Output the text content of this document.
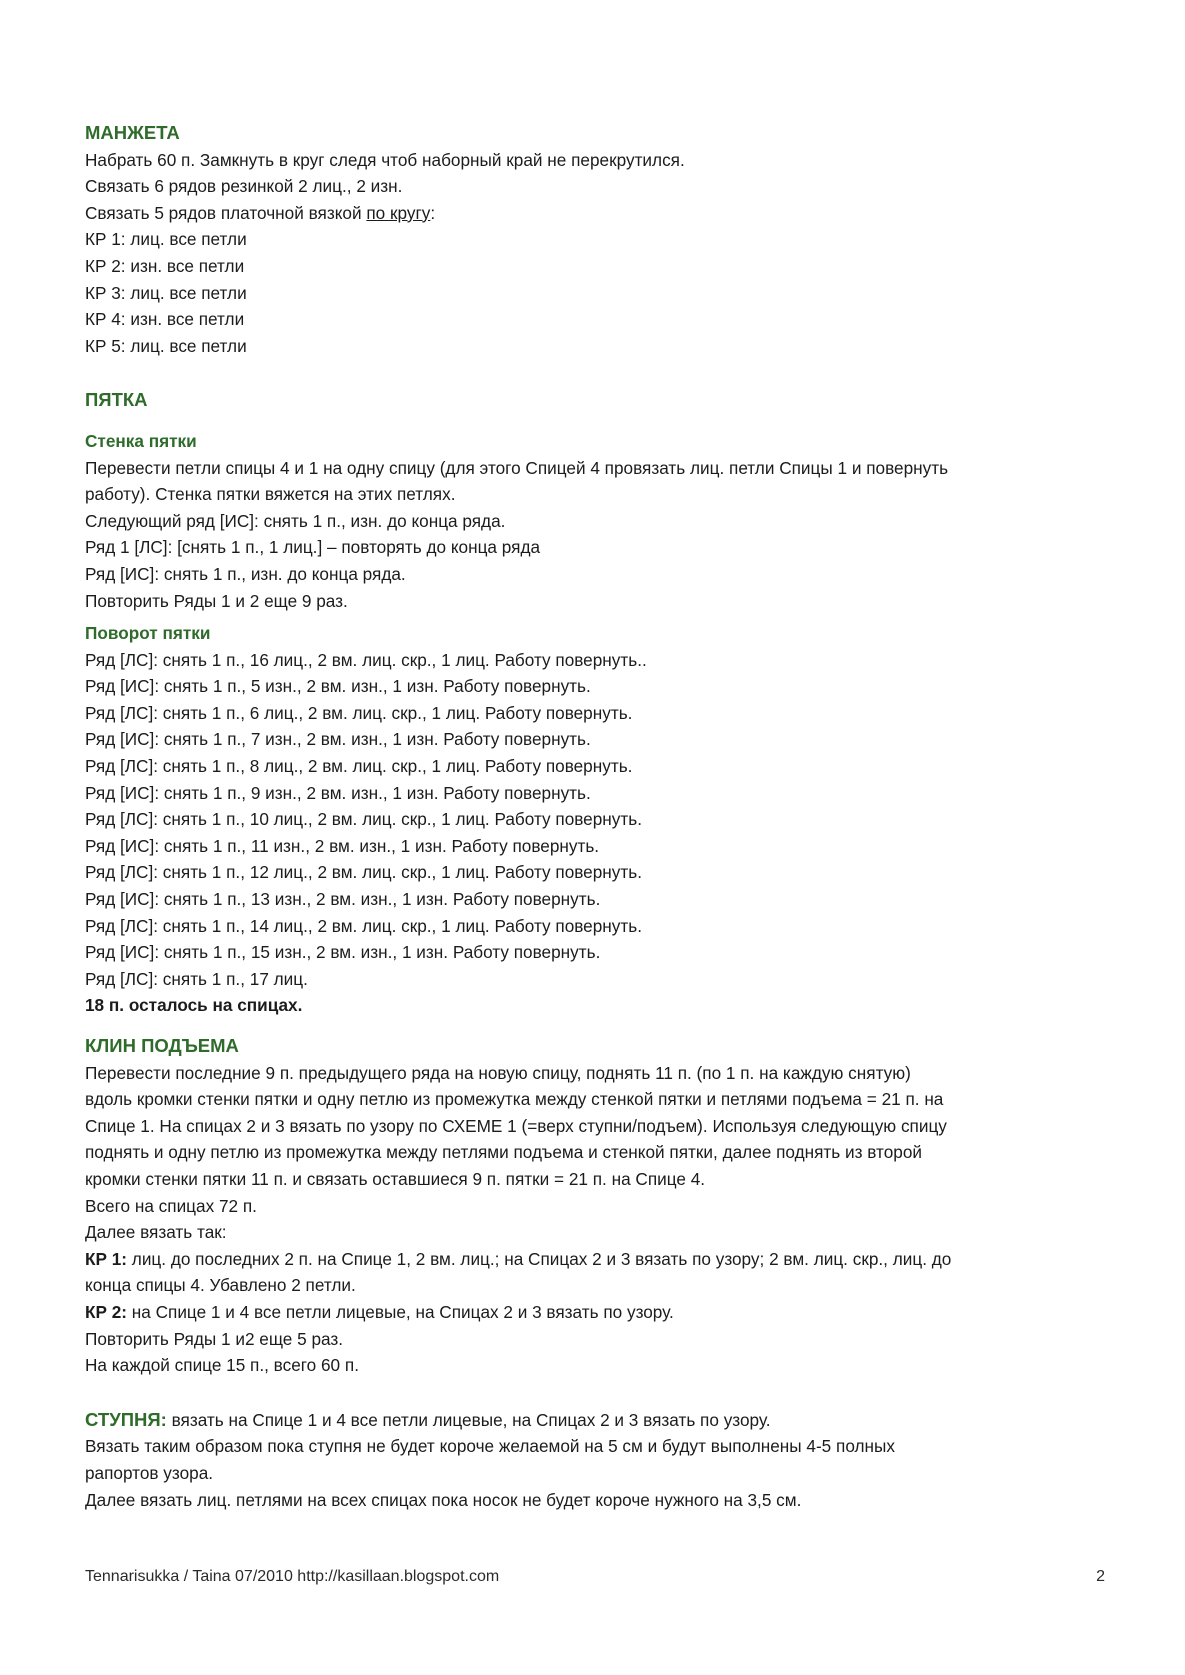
МАНЖЕТА
Набрать 60 п. Замкнуть в круг следя чтоб наборный край не перекрутился.
Связать 6 рядов резинкой 2 лиц., 2 изн.
Связать 5 рядов платочной вязкой по кругу:
КР 1: лиц. все петли
КР 2: изн. все петли
КР 3: лиц. все петли
КР 4: изн. все петли
КР 5: лиц. все петли
ПЯТКА
Стенка пятки
Перевести петли спицы 4 и 1 на одну спицу (для этого Спицей 4 провязать лиц. петли Спицы 1 и повернуть
работу). Стенка пятки вяжется на этих петлях.
Следующий ряд [ИС]: снять 1 п., изн. до конца ряда.
Ряд 1 [ЛС]: [снять 1 п., 1 лиц.] – повторять до конца ряда
Ряд [ИС]: снять 1 п., изн. до конца ряда.
Повторить Ряды 1 и 2 еще 9 раз.
Поворот пятки
Ряд [ЛС]: снять 1 п., 16 лиц., 2 вм. лиц. скр., 1 лиц. Работу повернуть..
Ряд [ИС]: снять 1 п., 5 изн., 2 вм. изн., 1 изн. Работу повернуть.
Ряд [ЛС]: снять 1 п., 6 лиц., 2 вм. лиц. скр., 1 лиц. Работу повернуть.
Ряд [ИС]: снять 1 п., 7 изн., 2 вм. изн., 1 изн. Работу повернуть.
Ряд [ЛС]: снять 1 п., 8 лиц., 2 вм. лиц. скр., 1 лиц. Работу повернуть.
Ряд [ИС]: снять 1 п., 9 изн., 2 вм. изн., 1 изн. Работу повернуть.
Ряд [ЛС]: снять 1 п., 10 лиц., 2 вм. лиц. скр., 1 лиц. Работу повернуть.
Ряд [ИС]: снять 1 п., 11 изн., 2 вм. изн., 1 изн. Работу повернуть.
Ряд [ЛС]: снять 1 п., 12 лиц., 2 вм. лиц. скр., 1 лиц. Работу повернуть.
Ряд [ИС]: снять 1 п., 13 изн., 2 вм. изн., 1 изн. Работу повернуть.
Ряд [ЛС]: снять 1 п., 14 лиц., 2 вм. лиц. скр., 1 лиц. Работу повернуть.
Ряд [ИС]: снять 1 п., 15 изн., 2 вм. изн., 1 изн. Работу повернуть.
Ряд [ЛС]: снять 1 п., 17 лиц.
18 п. осталось на спицах.
КЛИН ПОДЪЕМА
Перевести последние 9 п. предыдущего ряда на новую спицу, поднять 11 п. (по 1 п. на каждую снятую)
вдоль кромки стенки пятки и одну петлю из промежутка между стенкой пятки и петлями подъема = 21 п. на
Спице 1. На спицах 2 и 3 вязать по узору по СХЕМЕ 1 (=верх ступни/подъем). Используя следующую спицу
поднять и одну петлю из промежутка между петлями подъема и стенкой пятки, далее поднять из второй
кромки стенки пятки 11 п. и связать оставшиеся 9 п. пятки = 21 п. на Спице 4.
Всего на спицах 72 п.
Далее вязать так:
КР 1: лиц. до последних 2 п. на Спице 1, 2 вм. лиц.; на Спицах 2 и 3 вязать по узору; 2 вм. лиц. скр., лиц. до
конца спицы 4. Убавлено 2 петли.
КР 2: на Спице 1 и 4 все петли лицевые, на Спицах 2 и 3 вязать по узору.
Повторить Ряды 1 и2 еще 5 раз.
На каждой спице 15 п., всего 60 п.
СТУПНЯ: вязать на Спице 1 и 4 все петли лицевые, на Спицах 2 и 3 вязать по узору.
Вязать таким образом пока ступня не будет короче желаемой на 5 см и будут выполнены 4-5 полных
рапортов узора.
Далее вязать лиц. петлями на всех спицах пока носок не будет короче нужного на 3,5 см.
Tennarisukka / Taina 07/2010 http://kasillaan.blogspot.com	2
